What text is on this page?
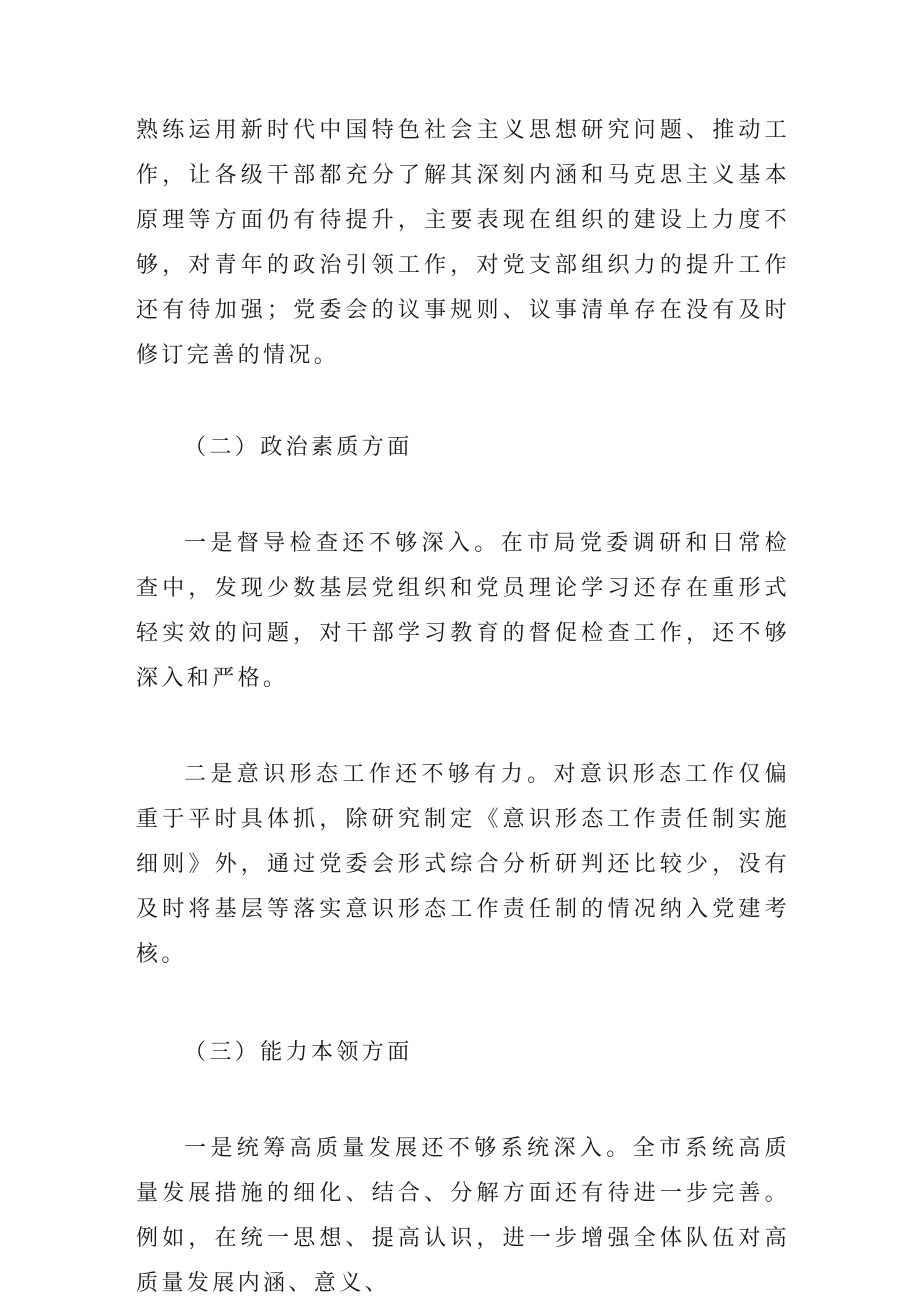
熟练运用新时代中国特色社会主义思想研究问题、推动工作，让各级干部都充分了解其深刻内涵和马克思主义基本原理等方面仍有待提升，主要表现在组织的建设上力度不够，对青年的政治引领工作，对党支部组织力的提升工作还有待加强；党委会的议事规则、议事清单存在没有及时修订完善的情况。

（二）政治素质方面

一是督导检查还不够深入。在市局党委调研和日常检查中，发现少数基层党组织和党员理论学习还存在重形式轻实效的问题，对干部学习教育的督促检查工作，还不够深入和严格。

二是意识形态工作还不够有力。对意识形态工作仅偏重于平时具体抓，除研究制定《意识形态工作责任制实施细则》外，通过党委会形式综合分析研判还比较少，没有及时将基层等落实意识形态工作责任制的情况纳入党建考核。

（三）能力本领方面

一是统筹高质量发展还不够系统深入。全市系统高质量发展措施的细化、结合、分解方面还有待进一步完善。例如，在统一思想、提高认识，进一步增强全体队伍对高质量发展内涵、意义、
